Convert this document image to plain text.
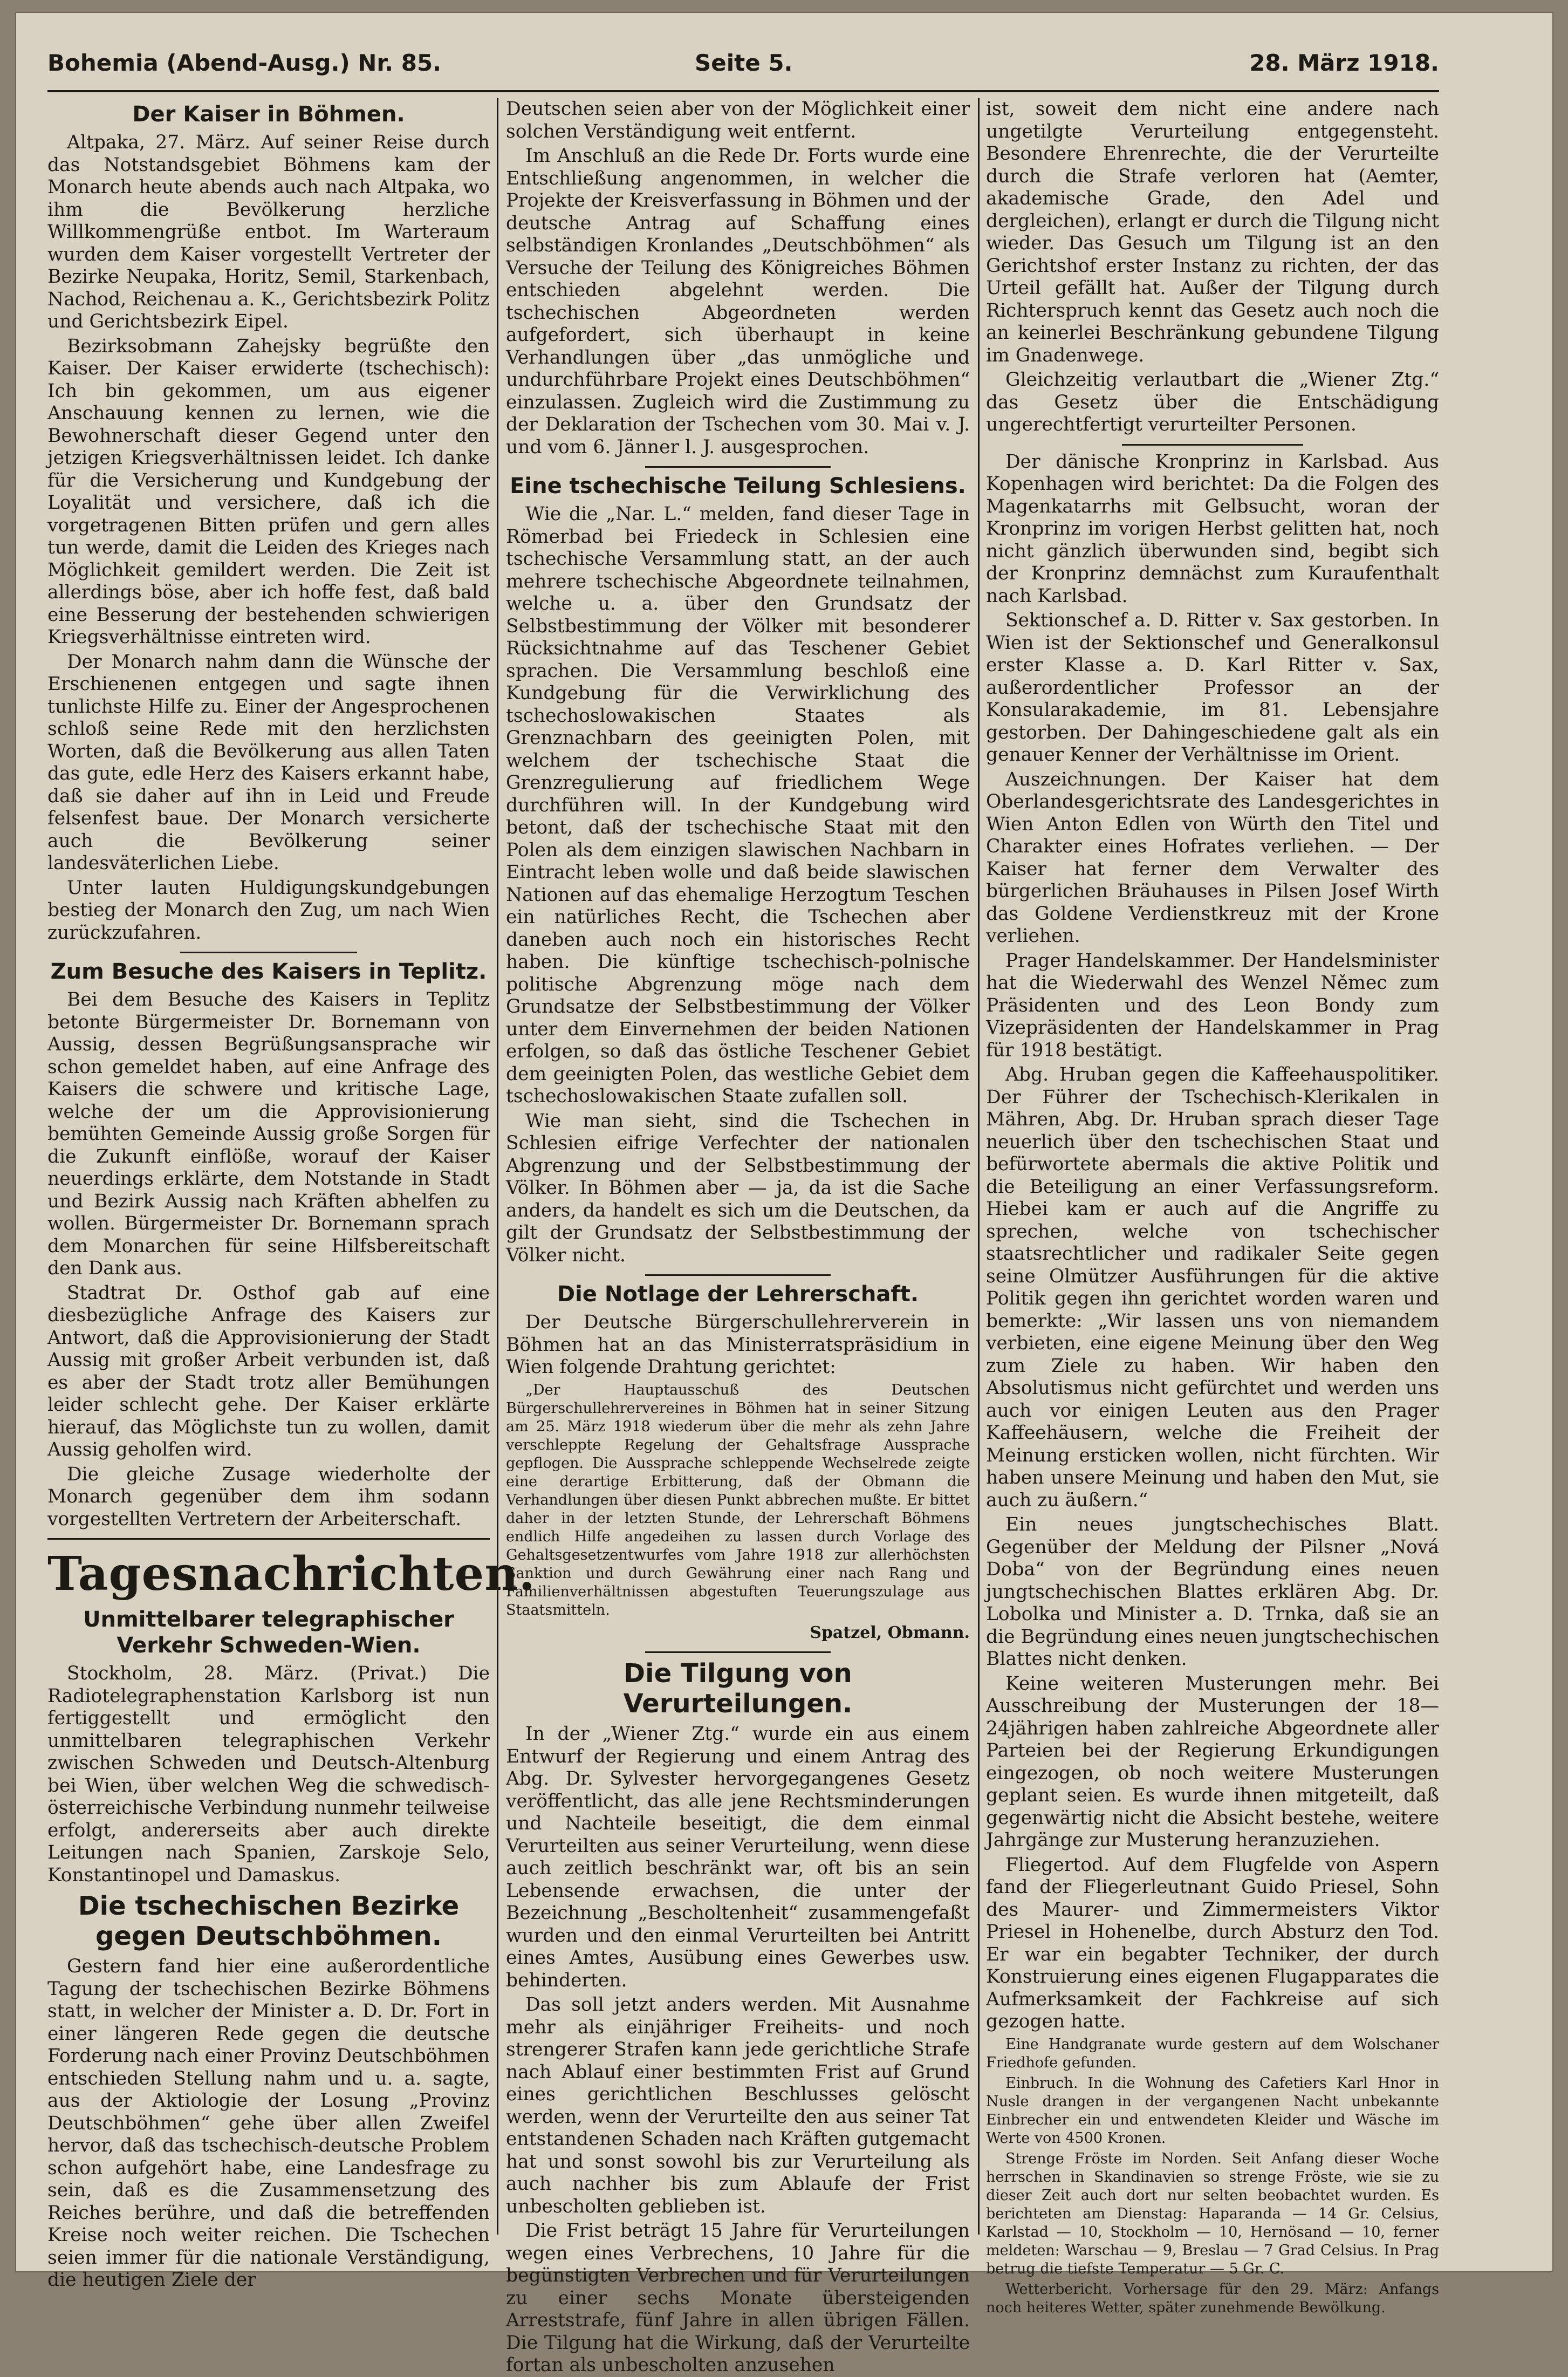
Bohemia (Abend-Ausg.) Nr. 85.	Seite 5.	28. März 1918.
Der Kaiser in Böhmen.

Altpaka, 27. März. Auf seiner Reise durch das Notstandsgebiet Böhmens kam der Monarch heute abends auch nach Altpaka, wo ihm die Bevölkerung herzliche Willkommengrüße entbot. Im Warteraum wurden dem Kaiser vorgestellt Vertreter der Bezirke Neupaka, Horitz, Semil, Starkenbach, Nachod, Reichenau a. K., Gerichtsbezirk Politz und Gerichtsbezirk Eipel.

Bezirksobmann Zahejsky begrüßte den Kaiser. Der Kaiser erwiderte (tschechisch): Ich bin gekommen, um aus eigener Anschauung kennen zu lernen, wie die Bewohnerschaft dieser Gegend unter den jetzigen Kriegsverhältnissen leidet. Ich danke für die Versicherung und Kundgebung der Loyalität und versichere, daß ich die vorgetragenen Bitten prüfen und gern alles tun werde, damit die Leiden des Krieges nach Möglichkeit gemildert werden. Die Zeit ist allerdings böse, aber ich hoffe fest, daß bald eine Besserung der bestehenden schwierigen Kriegsverhältnisse eintreten wird.

Der Monarch nahm dann die Wünsche der Erschienenen entgegen und sagte ihnen tunlichste Hilfe zu. Einer der Angesprochenen schloß seine Rede mit den herzlichsten Worten, daß die Bevölkerung aus allen Taten das gute, edle Herz des Kaisers erkannt habe, daß sie daher auf ihn in Leid und Freude felsenfest baue. Der Monarch versicherte auch die Bevölkerung seiner landesväterlichen Liebe.

Unter lauten Huldigungskundgebungen bestieg der Monarch den Zug, um nach Wien zurückzufahren.

Zum Besuche des Kaisers in Teplitz.

Bei dem Besuche des Kaisers in Teplitz betonte Bürgermeister Dr. Bornemann von Aussig, dessen Begrüßungsansprache wir schon gemeldet haben, auf eine Anfrage des Kaisers die schwere und kritische Lage, welche der um die Approvisionierung bemühten Gemeinde Aussig große Sorgen für die Zukunft einflöße, worauf der Kaiser neuerdings erklärte, dem Notstande in Stadt und Bezirk Aussig nach Kräften abhelfen zu wollen. Bürgermeister Dr. Bornemann sprach dem Monarchen für seine Hilfsbereitschaft den Dank aus.

Stadtrat Dr. Osthof gab auf eine diesbezügliche Anfrage des Kaisers zur Antwort, daß die Approvisionierung der Stadt Aussig mit großer Arbeit verbunden ist, daß es aber der Stadt trotz aller Bemühungen leider schlecht gehe. Der Kaiser erklärte hierauf, das Möglichste tun zu wollen, damit Aussig geholfen wird.

Die gleiche Zusage wiederholte der Monarch gegenüber dem ihm sodann vorgestellten Vertretern der Arbeiterschaft.

Tagesnachrichten.
Unmittelbarer telegraphischer Verkehr Schweden-Wien.

Stockholm, 28. März. (Privat.) Die Radiotelegraphenstation Karlsborg ist nun fertiggestellt und ermöglicht den unmittelbaren telegraphischen Verkehr zwischen Schweden und Deutsch-Altenburg bei Wien, über welchen Weg die schwedisch-österreichische Verbindung nunmehr teilweise erfolgt, andererseits aber auch direkte Leitungen nach Spanien, Zarskoje Selo, Konstantinopel und Damaskus.

Die tschechischen Bezirke gegen Deutschböhmen.

Gestern fand hier eine außerordentliche Tagung der tschechischen Bezirke Böhmens statt, in welcher der Minister a. D. Dr. Fort in einer längeren Rede gegen die deutsche Forderung nach einer Provinz Deutschböhmen entschieden Stellung nahm und u. a. sagte, aus der Aktiologie der Losung „Provinz Deutschböhmen“ gehe über allen Zweifel hervor, daß das tschechisch-deutsche Problem schon aufgehört habe, eine Landesfrage zu sein, daß es die Zusammensetzung des Reiches berühre, und daß die betreffenden Kreise noch weiter reichen. Die Tschechen seien immer für die nationale Verständigung, die heutigen Ziele der

Deutschen seien aber von der Möglichkeit einer solchen Verständigung weit entfernt.

Im Anschluß an die Rede Dr. Forts wurde eine Entschließung angenommen, in welcher die Projekte der Kreisverfassung in Böhmen und der deutsche Antrag auf Schaffung eines selbständigen Kronlandes „Deutschböhmen“ als Versuche der Teilung des Königreiches Böhmen entschieden abgelehnt werden. Die tschechischen Abgeordneten werden aufgefordert, sich überhaupt in keine Verhandlungen über „das unmögliche und undurchführbare Projekt eines Deutschböhmen“ einzulassen. Zugleich wird die Zustimmung zu der Deklaration der Tschechen vom 30. Mai v. J. und vom 6. Jänner l. J. ausgesprochen.

Eine tschechische Teilung Schlesiens.

Wie die „Nar. L.“ melden, fand dieser Tage in Römerbad bei Friedeck in Schlesien eine tschechische Versammlung statt, an der auch mehrere tschechische Abgeordnete teilnahmen, welche u. a. über den Grundsatz der Selbstbestimmung der Völker mit besonderer Rücksichtnahme auf das Teschener Gebiet sprachen. Die Versammlung beschloß eine Kundgebung für die Verwirklichung des tschechoslowakischen Staates als Grenznachbarn des geeinigten Polen, mit welchem der tschechische Staat die Grenzregulierung auf friedlichem Wege durchführen will. In der Kundgebung wird betont, daß der tschechische Staat mit den Polen als dem einzigen slawischen Nachbarn in Eintracht leben wolle und daß beide slawischen Nationen auf das ehemalige Herzogtum Teschen ein natürliches Recht, die Tschechen aber daneben auch noch ein historisches Recht haben. Die künftige tschechisch-polnische politische Abgrenzung möge nach dem Grundsatze der Selbstbestimmung der Völker unter dem Einvernehmen der beiden Nationen erfolgen, so daß das östliche Teschener Gebiet dem geeinigten Polen, das westliche Gebiet dem tschechoslowakischen Staate zufallen soll.

Wie man sieht, sind die Tschechen in Schlesien eifrige Verfechter der nationalen Abgrenzung und der Selbstbestimmung der Völker. In Böhmen aber — ja, da ist die Sache anders, da handelt es sich um die Deutschen, da gilt der Grundsatz der Selbstbestimmung der Völker nicht.

Die Notlage der Lehrerschaft.

Der Deutsche Bürgerschullehrerverein in Böhmen hat an das Ministerratspräsidium in Wien folgende Drahtung gerichtet:

„Der Hauptausschuß des Deutschen Bürgerschullehrervereines in Böhmen hat in seiner Sitzung am 25. März 1918 wiederum über die mehr als zehn Jahre verschleppte Regelung der Gehaltsfrage Aussprache gepflogen. Die Aussprache schleppende Wechselrede zeigte eine derartige Erbitterung, daß der Obmann die Verhandlungen über diesen Punkt abbrechen mußte. Er bittet daher in der letzten Stunde, der Lehrerschaft Böhmens endlich Hilfe angedeihen zu lassen durch Vorlage des Gehaltsgesetzentwurfes vom Jahre 1918 zur allerhöchsten Sanktion und durch Gewährung einer nach Rang und Familienverhältnissen abgestuften Teuerungszulage aus Staatsmitteln.

Spatzel, Obmann.

Die Tilgung von Verurteilungen.

In der „Wiener Ztg.“ wurde ein aus einem Entwurf der Regierung und einem Antrag des Abg. Dr. Sylvester hervorgegangenes Gesetz veröffentlicht, das alle jene Rechtsminderungen und Nachteile beseitigt, die dem einmal Verurteilten aus seiner Verurteilung, wenn diese auch zeitlich beschränkt war, oft bis an sein Lebensende erwachsen, die unter der Bezeichnung „Bescholtenheit“ zusammengefaßt wurden und den einmal Verurteilten bei Antritt eines Amtes, Ausübung eines Gewerbes usw. behinderten.

Das soll jetzt anders werden. Mit Ausnahme mehr als einjähriger Freiheits- und noch strengerer Strafen kann jede gerichtliche Strafe nach Ablauf einer bestimmten Frist auf Grund eines gerichtlichen Beschlusses gelöscht werden, wenn der Verurteilte den aus seiner Tat entstandenen Schaden nach Kräften gutgemacht hat und sonst sowohl bis zur Verurteilung als auch nachher bis zum Ablaufe der Frist unbescholten geblieben ist.

Die Frist beträgt 15 Jahre für Verurteilungen wegen eines Verbrechens, 10 Jahre für die begünstigten Verbrechen und für Verurteilungen zu einer sechs Monate übersteigenden Arreststrafe, fünf Jahre in allen übrigen Fällen. Die Tilgung hat die Wirkung, daß der Verurteilte fortan als unbescholten anzusehen

ist, soweit dem nicht eine andere nach ungetilgte Verurteilung entgegensteht. Besondere Ehrenrechte, die der Verurteilte durch die Strafe verloren hat (Aemter, akademische Grade, den Adel und dergleichen), erlangt er durch die Tilgung nicht wieder. Das Gesuch um Tilgung ist an den Gerichtshof erster Instanz zu richten, der das Urteil gefällt hat. Außer der Tilgung durch Richterspruch kennt das Gesetz auch noch die an keinerlei Beschränkung gebundene Tilgung im Gnadenwege.

Gleichzeitig verlautbart die „Wiener Ztg.“ das Gesetz über die Entschädigung ungerechtfertigt verurteilter Personen.

Der dänische Kronprinz in Karlsbad. Aus Kopenhagen wird berichtet: Da die Folgen des Magenkatarrhs mit Gelbsucht, woran der Kronprinz im vorigen Herbst gelitten hat, noch nicht gänzlich überwunden sind, begibt sich der Kronprinz demnächst zum Kuraufenthalt nach Karlsbad.

Sektionschef a. D. Ritter v. Sax gestorben. In Wien ist der Sektionschef und Generalkonsul erster Klasse a. D. Karl Ritter v. Sax, außerordentlicher Professor an der Konsularakademie, im 81. Lebensjahre gestorben. Der Dahingeschiedene galt als ein genauer Kenner der Verhältnisse im Orient.

Auszeichnungen. Der Kaiser hat dem Oberlandesgerichtsrate des Landesgerichtes in Wien Anton Edlen von Würth den Titel und Charakter eines Hofrates verliehen. — Der Kaiser hat ferner dem Verwalter des bürgerlichen Bräuhauses in Pilsen Josef Wirth das Goldene Verdienstkreuz mit der Krone verliehen.

Prager Handelskammer. Der Handelsminister hat die Wiederwahl des Wenzel Němec zum Präsidenten und des Leon Bondy zum Vizepräsidenten der Handelskammer in Prag für 1918 bestätigt.

Abg. Hruban gegen die Kaffeehauspolitiker. Der Führer der Tschechisch-Klerikalen in Mähren, Abg. Dr. Hruban sprach dieser Tage neuerlich über den tschechischen Staat und befürwortete abermals die aktive Politik und die Beteiligung an einer Verfassungsreform. Hiebei kam er auch auf die Angriffe zu sprechen, welche von tschechischer staatsrechtlicher und radikaler Seite gegen seine Olmützer Ausführungen für die aktive Politik gegen ihn gerichtet worden waren und bemerkte: „Wir lassen uns von niemandem verbieten, eine eigene Meinung über den Weg zum Ziele zu haben. Wir haben den Absolutismus nicht gefürchtet und werden uns auch vor einigen Leuten aus den Prager Kaffeehäusern, welche die Freiheit der Meinung ersticken wollen, nicht fürchten. Wir haben unsere Meinung und haben den Mut, sie auch zu äußern.“

Ein neues jungtschechisches Blatt. Gegenüber der Meldung der Pilsner „Nová Doba“ von der Begründung eines neuen jungtschechischen Blattes erklären Abg. Dr. Lobolka und Minister a. D. Trnka, daß sie an die Begründung eines neuen jungtschechischen Blattes nicht denken.

Keine weiteren Musterungen mehr. Bei Ausschreibung der Musterungen der 18—24jährigen haben zahlreiche Abgeordnete aller Parteien bei der Regierung Erkundigungen eingezogen, ob noch weitere Musterungen geplant seien. Es wurde ihnen mitgeteilt, daß gegenwärtig nicht die Absicht bestehe, weitere Jahrgänge zur Musterung heranzuziehen.

Fliegertod. Auf dem Flugfelde von Aspern fand der Fliegerleutnant Guido Priesel, Sohn des Maurer- und Zimmermeisters Viktor Priesel in Hohenelbe, durch Absturz den Tod. Er war ein begabter Techniker, der durch Konstruierung eines eigenen Flugapparates die Aufmerksamkeit der Fachkreise auf sich gezogen hatte.

Eine Handgranate wurde gestern auf dem Wolschaner Friedhofe gefunden.

Einbruch. In die Wohnung des Cafetiers Karl Hnor in Nusle drangen in der vergangenen Nacht unbekannte Einbrecher ein und entwendeten Kleider und Wäsche im Werte von 4500 Kronen.

Strenge Fröste im Norden. Seit Anfang dieser Woche herrschen in Skandinavien so strenge Fröste, wie sie zu dieser Zeit auch dort nur selten beobachtet wurden. Es berichteten am Dienstag: Haparanda — 14 Gr. Celsius, Karlstad — 10, Stockholm — 10, Hernösand — 10, ferner meldeten: Warschau — 9, Breslau — 7 Grad Celsius. In Prag betrug die tiefste Temperatur — 5 Gr. C.

Wetterbericht. Vorhersage für den 29. März: Anfangs noch heiteres Wetter, später zunehmende Bewölkung.
